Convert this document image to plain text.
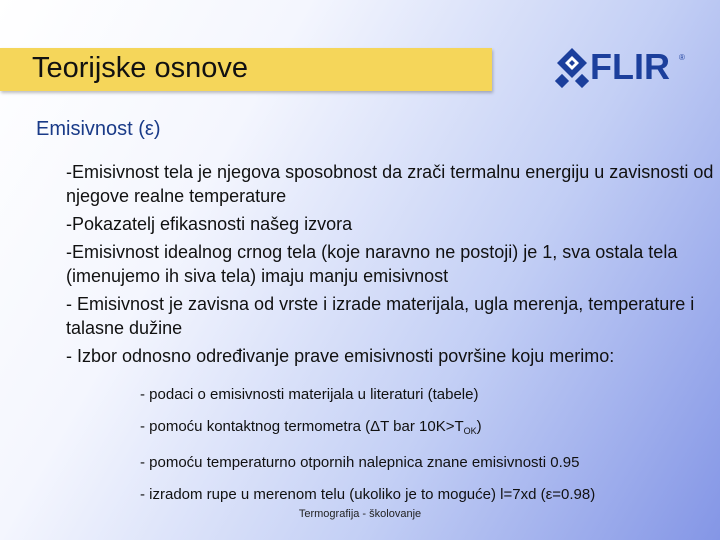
Teorijske osnove	FLIR ®
Emisivnost (ε)
-Emisivnost tela je njegova sposobnost da zrači termalnu energiju u zavisnosti od njegove realne temperature
-Pokazatelj efikasnosti našeg izvora
-Emisivnost idealnog crnog tela (koje naravno ne postoji) je 1, sva ostala tela (imenujemo ih siva tela) imaju manju emisivnost
- Emisivnost je zavisna od vrste i izrade materijala, ugla merenja, temperature i talasne dužine
- Izbor odnosno određivanje prave emisivnosti površine koju merimo:
- podaci o emisivnosti materijala u literaturi (tabele)
- pomoću kontaktnog termometra (ΔT bar $10K>T_{OK}$)
- pomoću temperaturno otpornih nalepnica znane emisivnosti 0.95
- izradom rupe u merenom telu (ukoliko je to moguće) l=7xd (ε=0.98)
Termografija - školovanje
